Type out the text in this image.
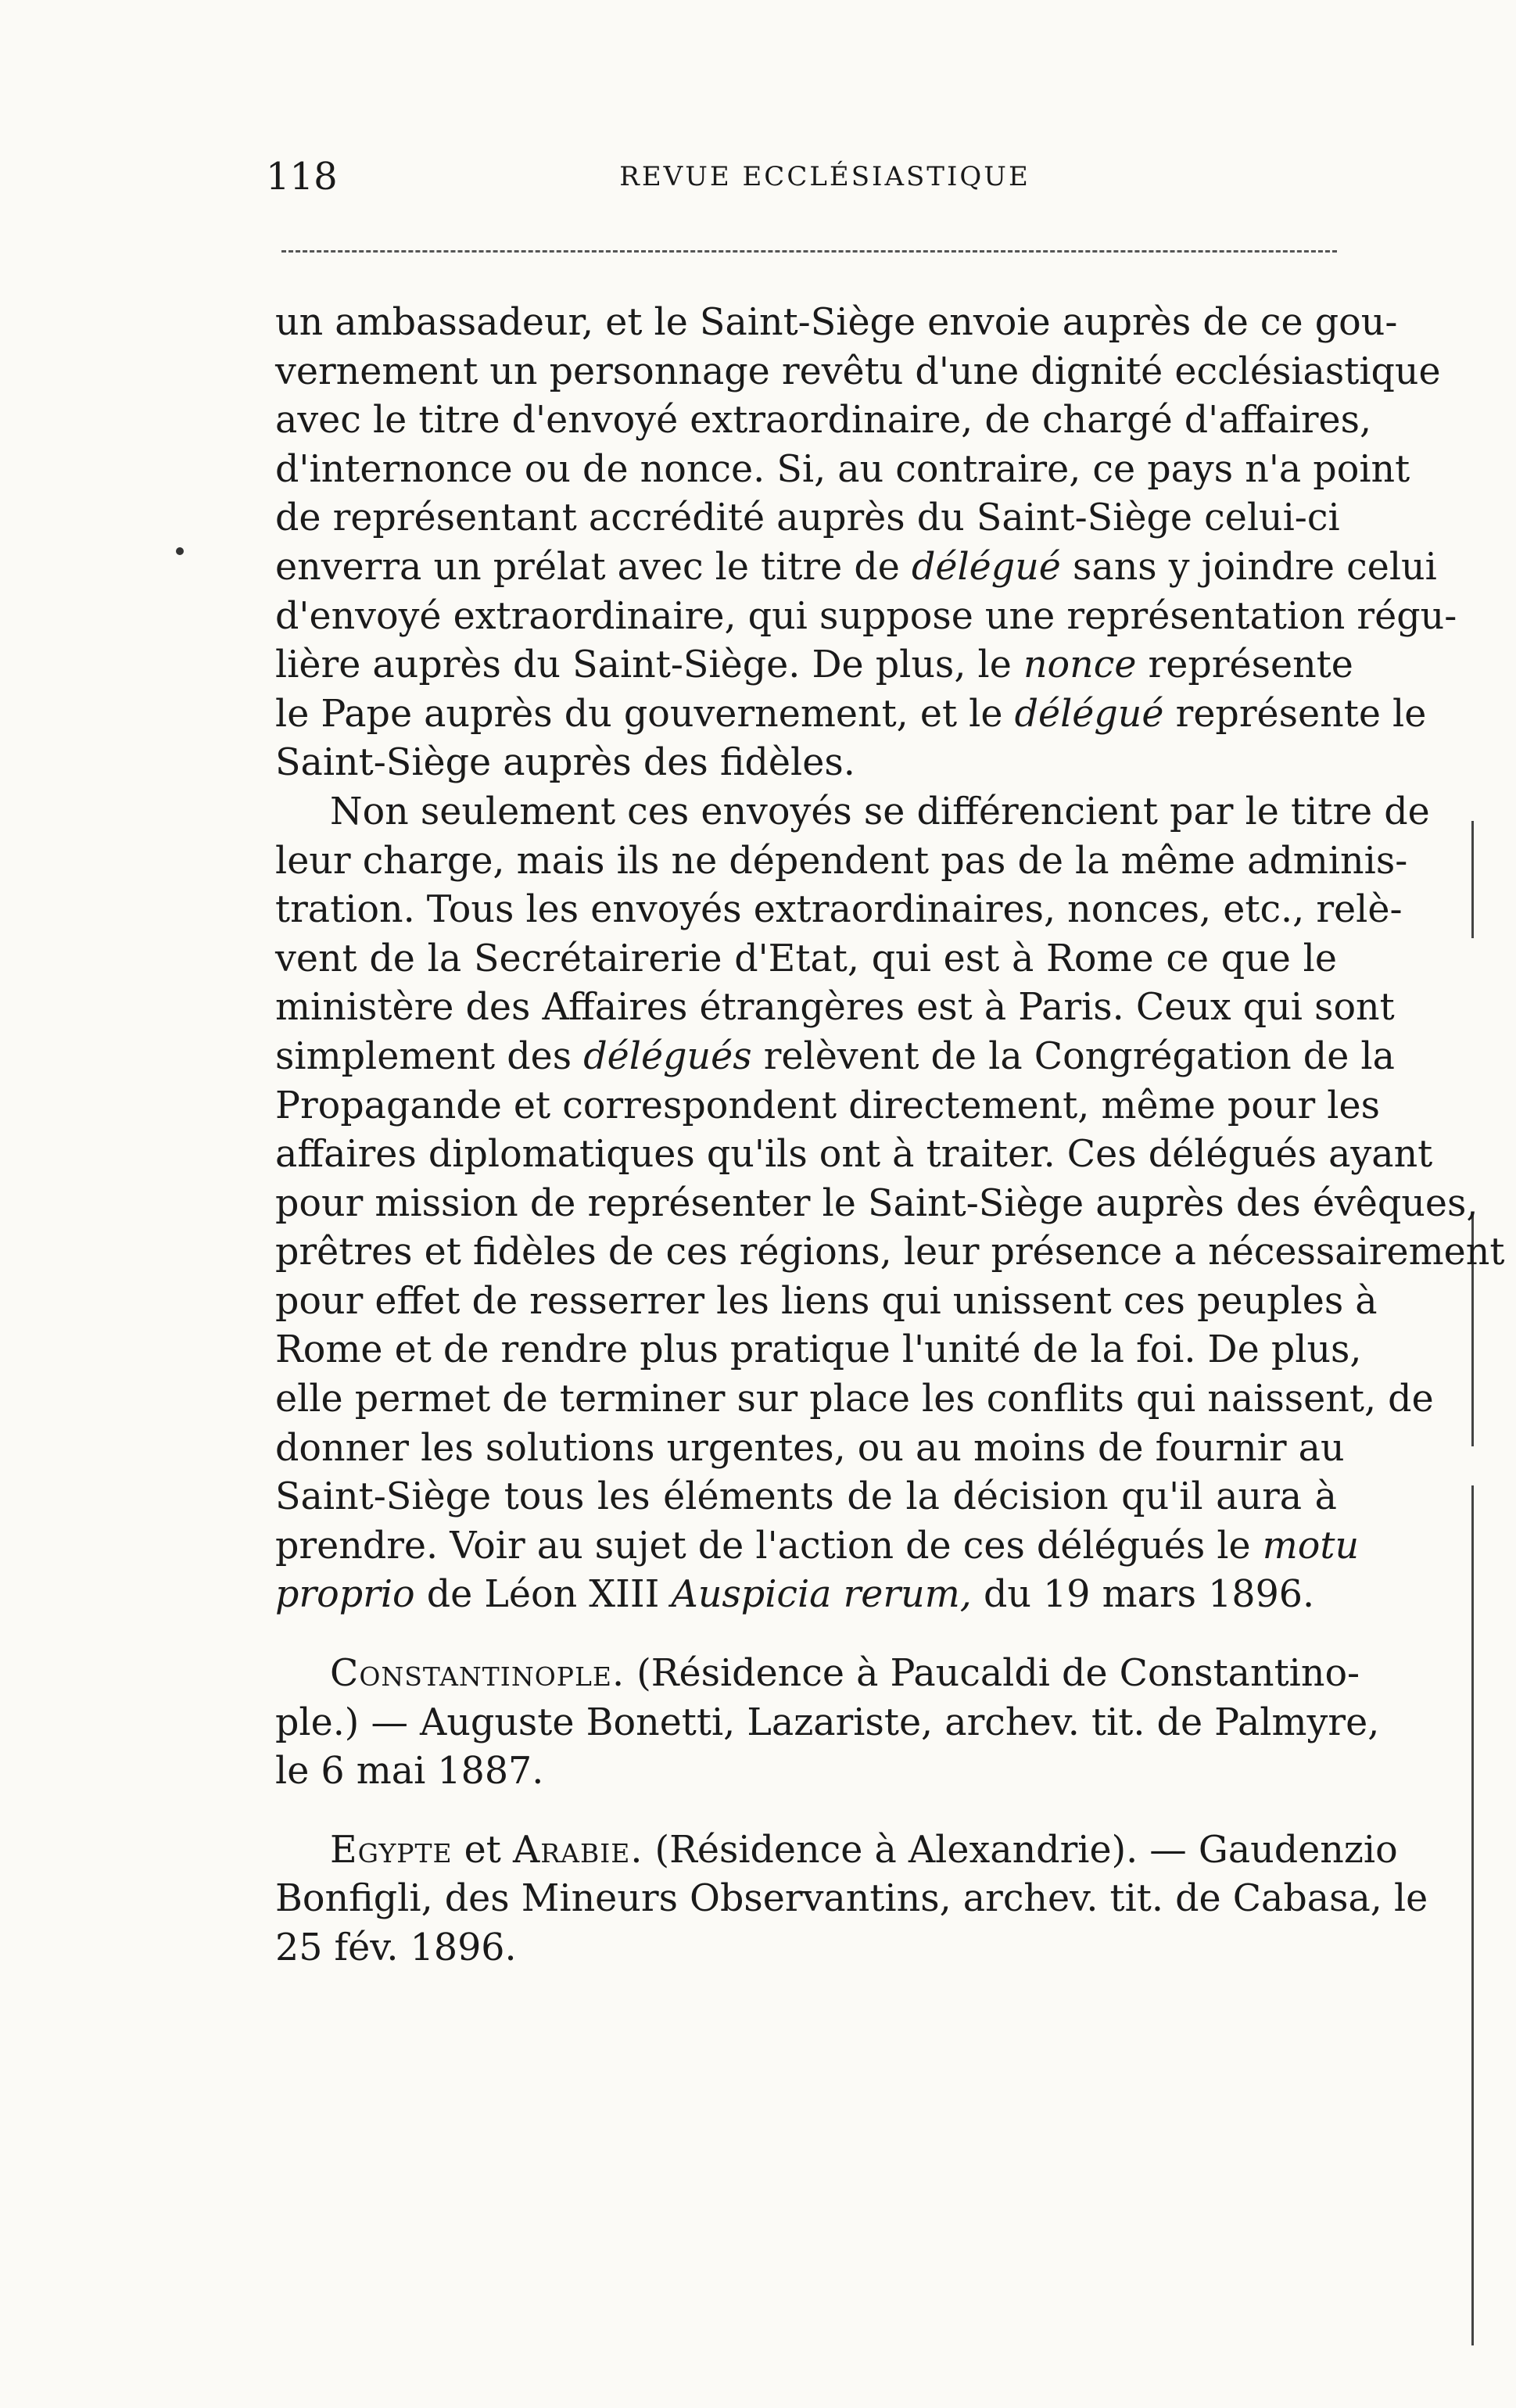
118	REVUE ECCLÉSIASTIQUE

un ambassadeur, et le Saint-Siège envoie auprès de ce gou-
vernement un personnage revêtu d'une dignité ecclésiastique
avec le titre d'envoyé extraordinaire, de chargé d'affaires,
d'internonce ou de nonce. Si, au contraire, ce pays n'a point
de représentant accrédité auprès du Saint-Siège celui-ci
enverra un prélat avec le titre de délégué sans y joindre celui
d'envoyé extraordinaire, qui suppose une représentation régu-
lière auprès du Saint-Siège. De plus, le nonce représente
le Pape auprès du gouvernement, et le délégué représente le
Saint-Siège auprès des fidèles.

Non seulement ces envoyés se différencient par le titre de
leur charge, mais ils ne dépendent pas de la même adminis-
tration. Tous les envoyés extraordinaires, nonces, etc., relè-
vent de la Secrétairerie d'Etat, qui est à Rome ce que le
ministère des Affaires étrangères est à Paris. Ceux qui sont
simplement des délégués relèvent de la Congrégation de la
Propagande et correspondent directement, même pour les
affaires diplomatiques qu'ils ont à traiter. Ces délégués ayant
pour mission de représenter le Saint-Siège auprès des évêques,
prêtres et fidèles de ces régions, leur présence a nécessairement
pour effet de resserrer les liens qui unissent ces peuples à
Rome et de rendre plus pratique l'unité de la foi. De plus,
elle permet de terminer sur place les conflits qui naissent, de
donner les solutions urgentes, ou au moins de fournir au
Saint-Siège tous les éléments de la décision qu'il aura à
prendre. Voir au sujet de l'action de ces délégués le motu
proprio de Léon XIII Auspicia rerum, du 19 mars 1896.

Constantinople. (Résidence à Paucaldi de Constantino-
ple.) — Auguste Bonetti, Lazariste, archev. tit. de Palmyre,
le 6 mai 1887.

Egypte et Arabie. (Résidence à Alexandrie). — Gaudenzio
Bonfigli, des Mineurs Observantins, archev. tit. de Cabasa, le
25 fév. 1896.
